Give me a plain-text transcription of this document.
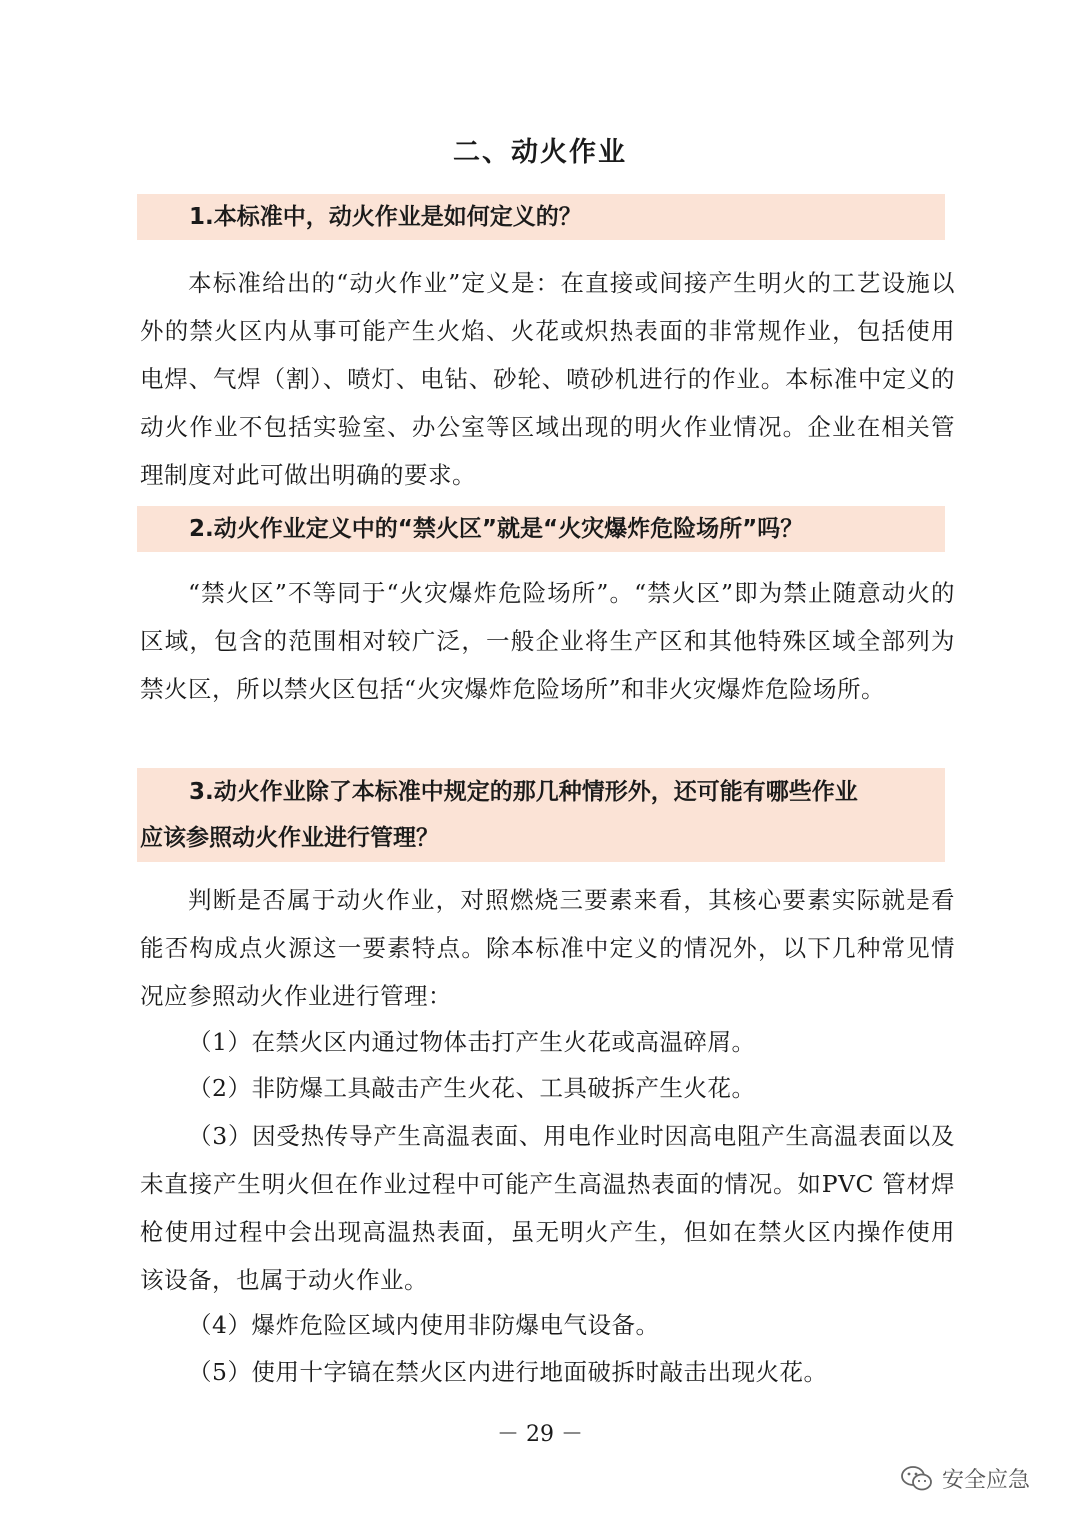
二、动火作业
1.本标准中，动火作业是如何定义的？

本标准给出的“动火作业”定义是：在直接或间接产生明火的工艺设施以外的禁火区内从事可能产生火焰、火花或炽热表面的非常规作业，包括使用电焊、气焊（割）、喷灯、电钻、砂轮、喷砂机进行的作业。本标准中定义的动火作业不包括实验室、办公室等区域出现的明火作业情况。企业在相关管理制度对此可做出明确的要求。

2.动火作业定义中的“禁火区”就是“火灾爆炸危险场所”吗？

“禁火区”不等同于“火灾爆炸危险场所”。“禁火区”即为禁止随意动火的区域，包含的范围相对较广泛，一般企业将生产区和其他特殊区域全部列为禁火区，所以禁火区包括“火灾爆炸危险场所”和非火灾爆炸危险场所。

3.动火作业除了本标准中规定的那几种情形外，还可能有哪些作业
应该参照动火作业进行管理？

判断是否属于动火作业，对照燃烧三要素来看，其核心要素实际就是看能否构成点火源这一要素特点。除本标准中定义的情况外，以下几种常见情况应参照动火作业进行管理：

（1）在禁火区内通过物体击打产生火花或高温碎屑。

（2）非防爆工具敲击产生火花、工具破拆产生火花。

（3）因受热传导产生高温表面、用电作业时因高电阻产生高温表面以及未直接产生明火但在作业过程中可能产生高温热表面的情况。如PVC 管材焊枪使用过程中会出现高温热表面，虽无明火产生，但如在禁火区内操作使用该设备，也属于动火作业。

（4）爆炸危险区域内使用非防爆电气设备。

（5）使用十字镐在禁火区内进行地面破拆时敲击出现火花。

－ 29 －
安全应急
